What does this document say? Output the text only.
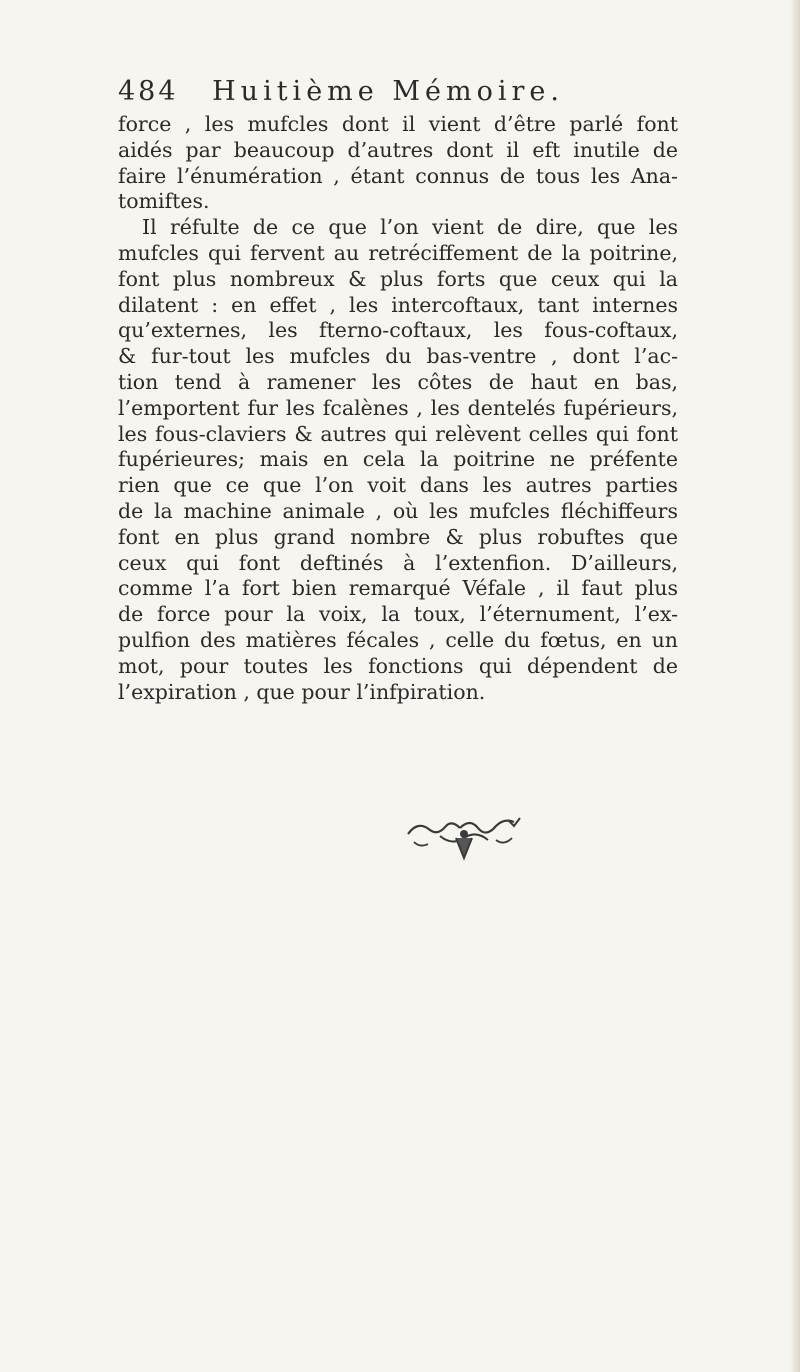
484 Huitième Mémoire.
force , les mufcles dont il vient d’être parlé font
aidés par beaucoup d’autres dont il eft inutile de
faire l’énumération , étant connus de tous les Ana-
tomiftes.
Il réfulte de ce que l’on vient de dire, que les
mufcles qui fervent au retréciffement de la poitrine,
font plus nombreux & plus forts que ceux qui la
dilatent : en effet , les intercoftaux, tant internes
qu’externes, les fterno-coftaux, les fous-coftaux,
& fur-tout les mufcles du bas-ventre , dont l’ac-
tion tend à ramener les côtes de haut en bas,
l’emportent fur les fcalènes , les dentelés fupérieurs,
les fous-claviers & autres qui relèvent celles qui font
fupérieures; mais en cela la poitrine ne préfente
rien que ce que l’on voit dans les autres parties
de la machine animale , où les mufcles fléchiffeurs
font en plus grand nombre & plus robuftes que
ceux qui font deftinés à l’extenfion. D’ailleurs,
comme l’a fort bien remarqué Véfale , il faut plus
de force pour la voix, la toux, l’éternument, l’ex-
pulfion des matières fécales , celle du fœtus, en un
mot, pour toutes les fonctions qui dépendent de
l’expiration , que pour l’infpiration.
